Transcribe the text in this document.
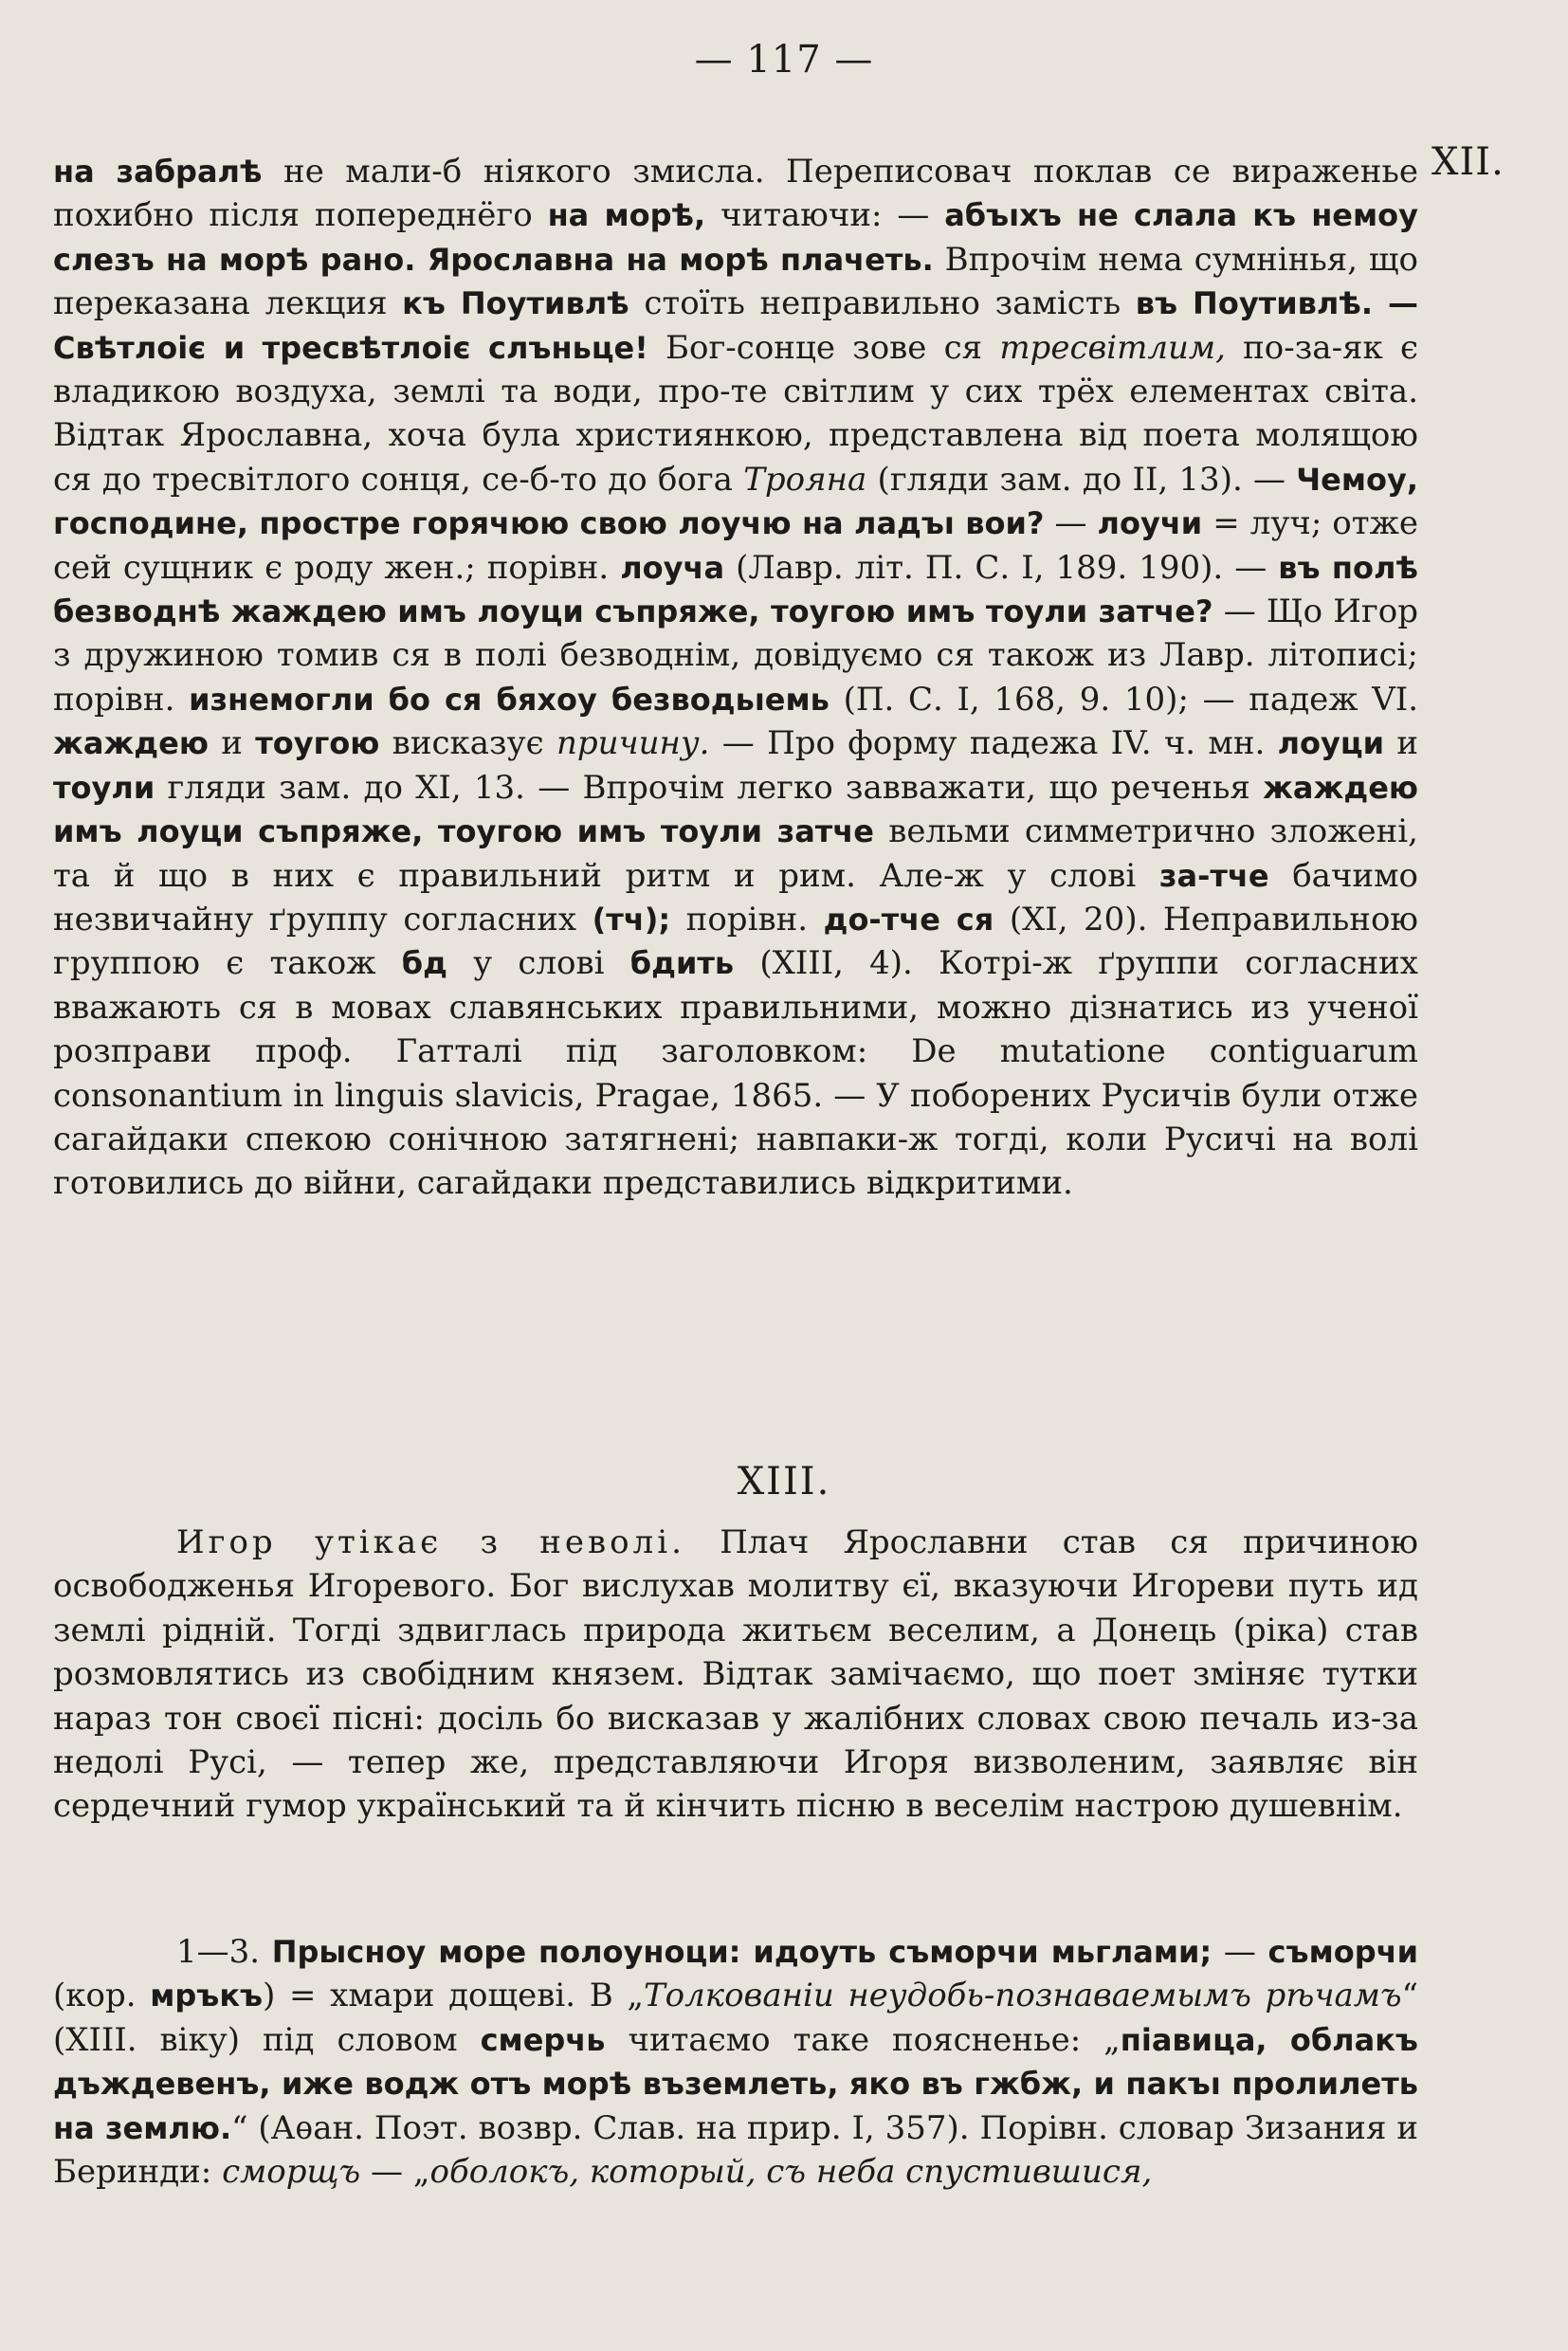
— 117 —
XII.
на забралѣ не мали-б ніякого змисла. Переписовач поклав се вираженье похибно після попереднёго на морѣ, читаючи: — абъıхъ не слала къ немоу слезъ на морѣ рано. Ярославна на морѣ плачеть. Впрочім нема сумнінья, що переказана лекция къ Поутивлѣ стоїть неправильно замість въ Поутивлѣ. — Свѣтлоіє и тресвѣтлоіє слъньце! Бог-сонце зове ся тресвітлим, по-за-як є владикою воздуха, землі та води, про-те світлим у сих трёх елементах світа. Відтак Ярославна, хоча була християнкою, представлена від поета молящою ся до тресвітлого сонця, се-б-то до бога Трояна (гляди зам. до II, 13). — Чемоу, господине, простре горячюю свою лоучю на ладъı вои? — лоучи = луч; отже сей сущник є роду жен.; порівн. лоуча (Лавр. літ. П. С. I, 189. 190). — въ полѣ безводнѣ жаждею имъ лоуци съпряже, тоугою имъ тоули затче? — Що Игор з дружиною томив ся в полі безводнім, довідуємо ся також из Лавр. літописі; порівн. изнемогли бо ся бяхоу безводьıемь (П. С. I, 168, 9. 10); — падеж VI. жаждею и тоугою висказує причину. — Про форму падежа IV. ч. мн. лоуци и тоули гляди зам. до XI, 13. — Впрочім легко завважати, що реченья жаждею имъ лоуци съпряже, тоугою имъ тоули затче вельми симметрично зложені, та й що в них є правильний ритм и рим. Але-ж у слові за-тче бачимо незвичайну ґруппу согласних (тч); порівн. до-тче ся (XI, 20). Неправильною группою є також бд у слові бдить (XIII, 4). Котрі-ж ґруппи согласних вважають ся в мовах славянських правильними, можно дізнатись из ученої розправи проф. Гатталі під заголовком: De mutatione contiguarum consonantium in linguis slavicis, Pragae, 1865. — У поборених Русичів були отже сагайдаки спекою сонічною затягнені; навпаки-ж тогді, коли Русичі на волі готовились до війни, сагайдаки представились відкритими.
XIII.
Игор утікає з неволі. Плач Ярославни став ся причиною освободженья Игоревого. Бог вислухав молитву єї, вказуючи Игореви путь ид землі рідній. Тогді здвиглась природа житьєм веселим, а Донець (ріка) став розмовлятись из свобідним князем. Відтак замічаємо, що поет зміняє тутки нараз тон своєї пісні: досіль бо висказав у жалібних словах свою печаль из-за недолі Русі, — тепер же, представляючи Игоря визволеним, заявляє він сердечний гумор український та й кінчить пісню в веселім настрою душевнім.
1—3. Прысноу море полоуноци: идоуть съморчи мьглами; — съморчи (кор. мръкъ) = хмари дощеві. В „Толкованiи неудобь-познаваемымъ рѣчамъ“ (XIII. віку) під словом смерчь читаємо таке поясненье: „пiавица, облакъ дъждевенъ, иже водж отъ морѣ въземлеть, яко въ гжбж, и пакъı пролилеть на землю.“ (Аѳан. Поэт. возвр. Слав. на прир. I, 357). Порівн. словар Зизания и Беринди: сморщъ — „оболокъ, который, съ неба спустившися,
